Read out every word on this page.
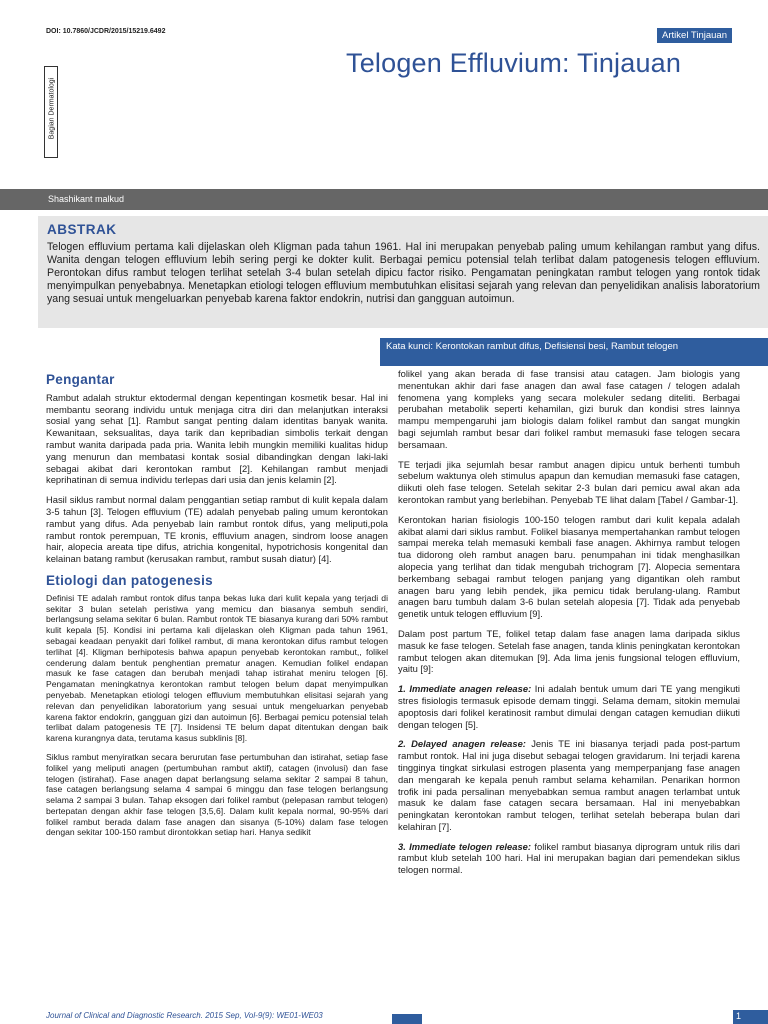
DOI: 10.7860/JCDR/2015/15219.6492	Artikel Tinjauan
Bagian Dermatologi
Telogen Effluvium: Tinjauan
Shashikant malkud
ABSTRAK
Telogen effluvium pertama kali dijelaskan oleh Kligman pada tahun 1961. Hal ini merupakan penyebab paling umum kehilangan rambut yang difus. Wanita dengan telogen effluvium lebih sering pergi ke dokter kulit. Berbagai pemicu potensial telah terlibat dalam patogenesis telogen effluvium. Perontokan difus rambut telogen terlihat setelah 3-4 bulan setelah dipicu factor risiko. Pengamatan peningkatan rambut telogen yang rontok tidak menyimpulkan penyebabnya. Menetapkan etiologi telogen effluvium membutuhkan elisitasi sejarah yang relevan dan penyelidikan analisis laboratorium yang sesuai untuk mengeluarkan penyebab karena faktor endokrin, nutrisi dan gangguan autoimun.
Kata kunci: Kerontokan rambut difus, Defisiensi besi, Rambut telogen
Pengantar

Rambut adalah struktur ektodermal dengan kepentingan kosmetik besar. Hal ini membantu seorang individu untuk menjaga citra diri dan melanjutkan interaksi sosial yang sehat [1]. Rambut sangat penting dalam identitas banyak wanita. Kewanitaan, seksualitas, daya tarik dan kepribadian simbolis terkait dengan rambut wanita daripada pada pria. Wanita lebih mungkin memiliki kualitas hidup yang menurun dan membatasi kontak sosial dibandingkan dengan laki-laki sebagai akibat dari kerontokan rambut [2]. Kehilangan rambut menjadi keprihatinan di semua individu terlepas dari usia dan jenis kelamin [2].

Hasil siklus rambut normal dalam penggantian setiap rambut di kulit kepala dalam 3-5 tahun [3]. Telogen effluvium (TE) adalah penyebab paling umum kerontokan rambut yang difus. Ada penyebab lain rambut rontok difus, yang meliputi,pola rambut rontok perempuan, TE kronis, effluvium anagen, sindrom loose anagen hair, alopecia areata tipe difus, atrichia kongenital, hypotrichosis kongenital dan kelainan batang rambut (kerusakan rambut, rambut susah diatur) [4].

Etiologi dan patogenesis

Definisi TE adalah rambut rontok difus tanpa bekas luka dari kulit kepala yang terjadi di sekitar 3 bulan setelah peristiwa yang memicu dan biasanya sembuh sendiri, berlangsung selama sekitar 6 bulan. Rambut rontok TE biasanya kurang dari 50% rambut kulit kepala [5]. Kondisi ini pertama kali dijelaskan oleh Kligman pada tahun 1961, sebagai keadaan penyakit dari folikel rambut, di mana kerontokan difus rambut telogen terlihat [4]. Kligman berhipotesis bahwa apapun penyebab kerontokan rambut,, folikel cenderung dalam bentuk penghentian prematur anagen. Kemudian folikel endapan masuk ke fase catagen dan berubah menjadi tahap istirahat meniru telogen [6]. Pengamatan meningkatnya kerontokan rambut telogen belum dapat menyimpulkan penyebab. Menetapkan etiologi telogen effluvium membutuhkan elisitasi sejarah yang relevan dan penyelidikan laboratorium yang sesuai untuk mengeluarkan penyebab karena faktor endokrin, gangguan gizi dan autoimun [6]. Berbagai pemicu potensial telah terlibat dalam patogenesis TE [7]. Insidensi TE belum dapat ditentukan dengan baik karena kurangnya data, terutama kasus subklinis [8].

Siklus rambut menyiratkan secara berurutan fase pertumbuhan dan istirahat, setiap fase folikel yang meliputi anagen (pertumbuhan rambut aktif), catagen (involusi) dan fase telogen (istirahat). Fase anagen dapat berlangsung selama sekitar 2 sampai 8 tahun, fase catagen berlangsung selama 4 sampai 6 minggu dan fase telogen berlangsung selama 2 sampai 3 bulan. Tahap eksogen dari folikel rambut (pelepasan rambut telogen) bertepatan dengan akhir fase telogen [3,5,6]. Dalam kulit kepala normal, 90-95% dari folikel rambut berada dalam fase anagen dan sisanya (5-10%) dalam fase telogen dengan sekitar 100-150 rambut dirontokkan setiap hari. Hanya sedikit

folikel yang akan berada di fase transisi atau catagen. Jam biologis yang menentukan akhir dari fase anagen dan awal fase catagen / telogen adalah fenomena yang kompleks yang secara molekuler sedang diteliti. Berbagai perubahan metabolik seperti kehamilan, gizi buruk dan kondisi stres lainnya mampu mempengaruhi jam biologis dalam folikel rambut dan sangat mungkin bagi sejumlah rambut besar dari folikel rambut memasuki fase telogen secara bersamaan.

TE terjadi jika sejumlah besar rambut anagen dipicu untuk berhenti tumbuh sebelum waktunya oleh stimulus apapun dan kemudian memasuki fase catagen, diikuti oleh fase telogen. Setelah sekitar 2-3 bulan dari pemicu awal akan ada kerontokan rambut yang berlebihan. Penyebab TE lihat dalam [Tabel / Gambar-1].

Kerontokan harian fisiologis 100-150 telogen rambut dari kulit kepala adalah akibat alami dari siklus rambut. Folikel biasanya mempertahankan rambut telogen sampai mereka telah memasuki kembali fase anagen. Akhirnya rambut telogen tua didorong oleh rambut anagen baru. penumpahan ini tidak menghasilkan alopecia yang terlihat dan tidak mengubah trichogram [7]. Alopecia sementara berkembang sebagai rambut telogen panjang yang digantikan oleh rambut anagen baru yang lebih pendek, jika pemicu tidak berulang-ulang. Rambut anagen baru tumbuh dalam 3-6 bulan setelah alopesia [7]. Tidak ada penyebab genetik untuk telogen effluvium [9].

Dalam post partum TE, folikel tetap dalam fase anagen lama daripada siklus masuk ke fase telogen. Setelah fase anagen, tanda klinis peningkatan kerontokan rambut telogen akan ditemukan [9]. Ada lima jenis fungsional telogen effluvium, yaitu [9]:

1. Immediate anagen release: Ini adalah bentuk umum dari TE yang mengikuti stres fisiologis termasuk episode demam tinggi. Selama demam, sitokin memulai apoptosis dari folikel keratinosit rambut dimulai dengan catagen kemudian diikuti dengan telogen [5].

2. Delayed anagen release: Jenis TE ini biasanya terjadi pada post-partum rambut rontok. Hal ini juga disebut sebagai telogen gravidarum. Ini terjadi karena tingginya tingkat sirkulasi estrogen plasenta yang memperpanjang fase anagen dan mengarah ke kepala penuh rambut selama kehamilan. Penarikan hormon trofik ini pada persalinan menyebabkan semua rambut anagen terlambat untuk masuk ke dalam fase catagen secara bersamaan. Hal ini menyebabkan peningkatan kerontokan rambut telogen, terlihat setelah beberapa bulan dari kelahiran [7].

3. Immediate telogen release: folikel rambut biasanya diprogram untuk rilis dari rambut klub setelah 100 hari. Hal ini merupakan bagian dari pemendekan siklus telogen normal.

Journal of Clinical and Diagnostic Research. 2015 Sep, Vol-9(9): WE01-WE03	1
